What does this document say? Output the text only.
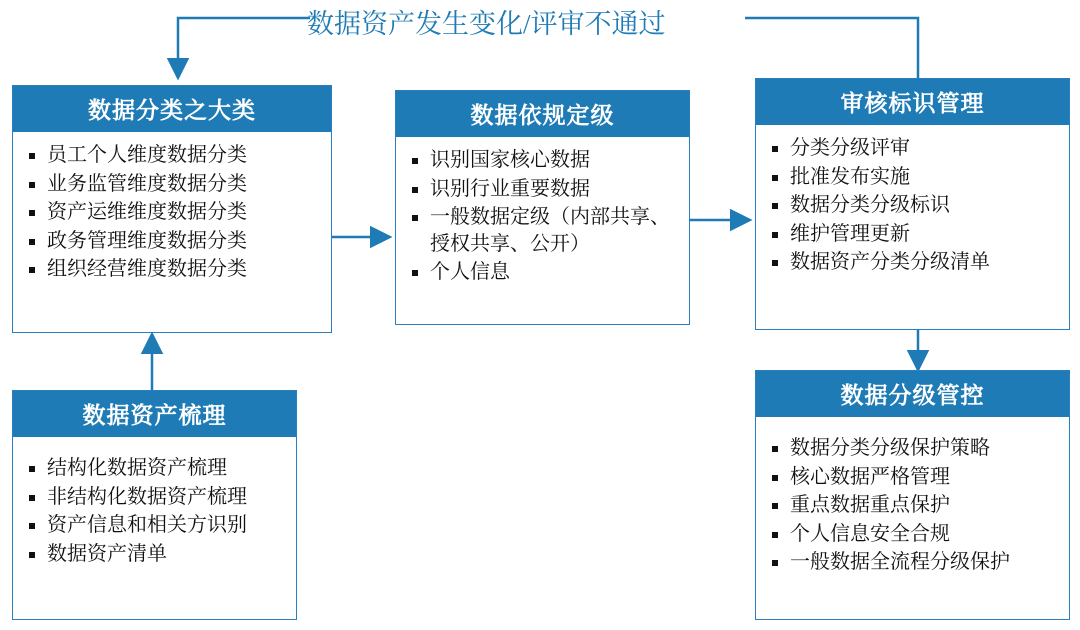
数据资产发生变化/评审不通过
数据分类之大类
员工个人维度数据分类
业务监管维度数据分类
资产运维维度数据分类
政务管理维度数据分类
组织经营维度数据分类
数据依规定级
识别国家核心数据
识别行业重要数据
一般数据定级（内部共享、授权共享、公开）
个人信息
审核标识管理
分类分级评审
批准发布实施
数据分类分级标识
维护管理更新
数据资产分类分级清单
数据资产梳理
结构化数据资产梳理
非结构化数据资产梳理
资产信息和相关方识别
数据资产清单
数据分级管控
数据分类分级保护策略
核心数据严格管理
重点数据重点保护
个人信息安全合规
一般数据全流程分级保护
